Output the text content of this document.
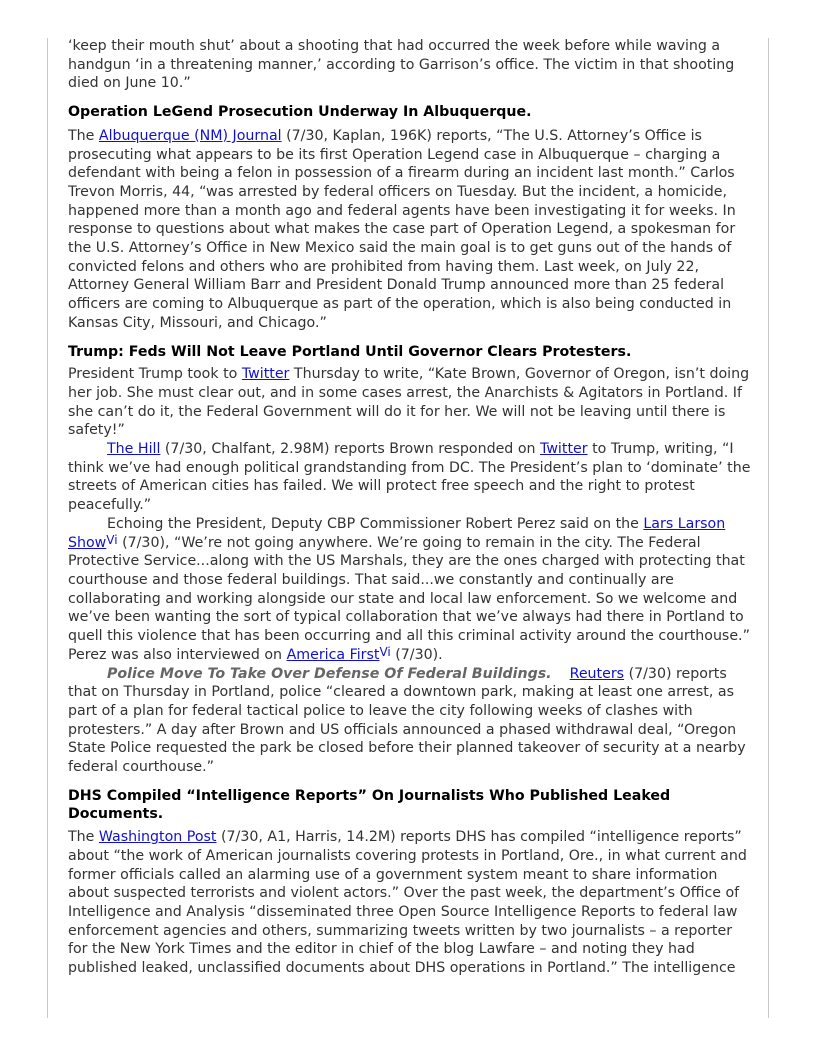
‘keep their mouth shut’ about a shooting that had occurred the week before while waving a handgun ‘in a threatening manner,’ according to Garrison’s office. The victim in that shooting died on June 10.”

Operation LeGend Prosecution Underway In Albuquerque.

The Albuquerque (NM) Journal (7/30, Kaplan, 196K) reports, “The U.S. Attorney’s Office is prosecuting what appears to be its first Operation Legend case in Albuquerque – charging a defendant with being a felon in possession of a firearm during an incident last month.” Carlos Trevon Morris, 44, “was arrested by federal officers on Tuesday. But the incident, a homicide, happened more than a month ago and federal agents have been investigating it for weeks. In response to questions about what makes the case part of Operation Legend, a spokesman for the U.S. Attorney’s Office in New Mexico said the main goal is to get guns out of the hands of convicted felons and others who are prohibited from having them. Last week, on July 22, Attorney General William Barr and President Donald Trump announced more than 25 federal officers are coming to Albuquerque as part of the operation, which is also being conducted in Kansas City, Missouri, and Chicago.”

Trump: Feds Will Not Leave Portland Until Governor Clears Protesters.

President Trump took to Twitter Thursday to write, “Kate Brown, Governor of Oregon, isn’t doing her job. She must clear out, and in some cases arrest, the Anarchists & Agitators in Portland. If she can’t do it, the Federal Government will do it for her. We will not be leaving until there is safety!”

The Hill (7/30, Chalfant, 2.98M) reports Brown responded on Twitter to Trump, writing, “I think we’ve had enough political grandstanding from DC. The President’s plan to ‘dominate’ the streets of American cities has failed. We will protect free speech and the right to protest peacefully.”

Echoing the President, Deputy CBP Commissioner Robert Perez said on the Lars Larson Show$^{Vi}$ (7/30), “We’re not going anywhere. We’re going to remain in the city. The Federal Protective Service...along with the US Marshals, they are the ones charged with protecting that courthouse and those federal buildings. That said...we constantly and continually are collaborating and working alongside our state and local law enforcement. So we welcome and we’ve been wanting the sort of typical collaboration that we’ve always had there in Portland to quell this violence that has been occurring and all this criminal activity around the courthouse.” Perez was also interviewed on America First$^{Vi}$ (7/30).

Police Move To Take Over Defense Of Federal Buildings. Reuters (7/30) reports that on Thursday in Portland, police “cleared a downtown park, making at least one arrest, as part of a plan for federal tactical police to leave the city following weeks of clashes with protesters.” A day after Brown and US officials announced a phased withdrawal deal, “Oregon State Police requested the park be closed before their planned takeover of security at a nearby federal courthouse.”

DHS Compiled “Intelligence Reports” On Journalists Who Published Leaked Documents.

The Washington Post (7/30, A1, Harris, 14.2M) reports DHS has compiled “intelligence reports” about “the work of American journalists covering protests in Portland, Ore., in what current and former officials called an alarming use of a government system meant to share information about suspected terrorists and violent actors.” Over the past week, the department’s Office of Intelligence and Analysis “disseminated three Open Source Intelligence Reports to federal law enforcement agencies and others, summarizing tweets written by two journalists – a reporter for the New York Times and the editor in chief of the blog Lawfare – and noting they had published leaked, unclassified documents about DHS operations in Portland.” The intelligence
